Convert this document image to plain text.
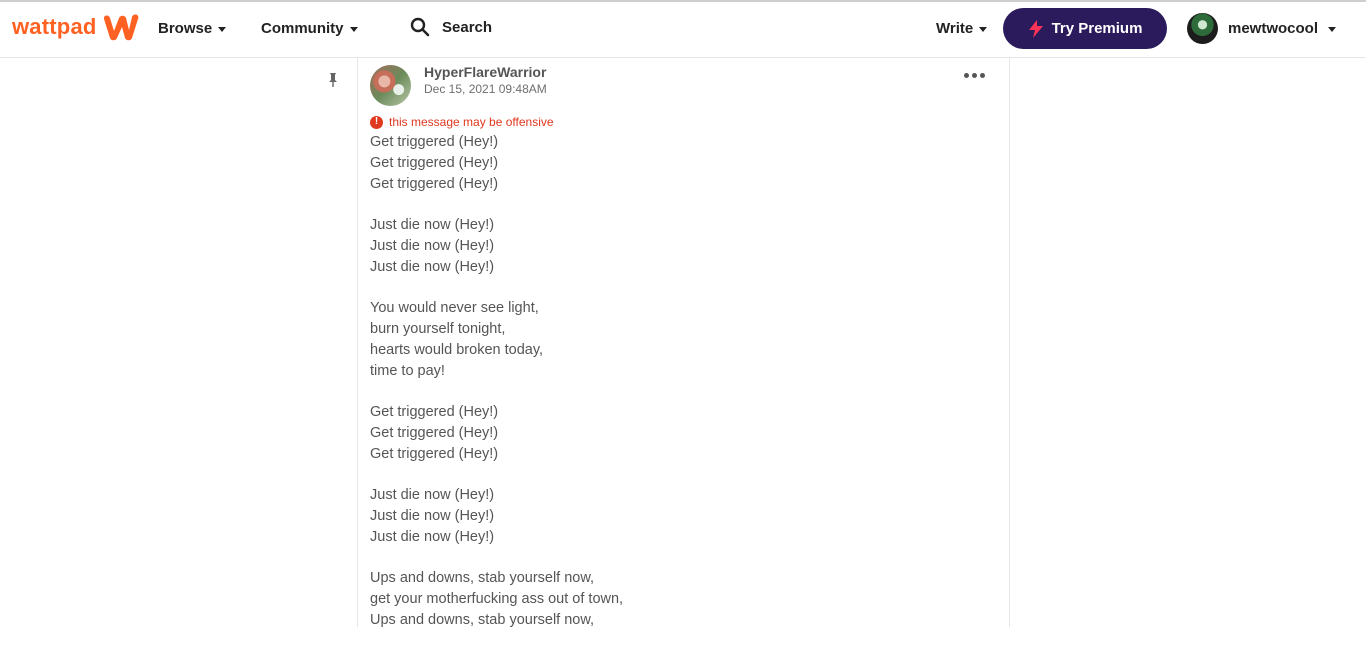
wattpad	Browse	Community	Search	Write	Try Premium	mewtwocool
HyperFlareWarrior
Dec 15, 2021 09:48AM
! this message may be offensive
Get triggered (Hey!)
Get triggered (Hey!)
Get triggered (Hey!)
Just die now (Hey!)
Just die now (Hey!)
Just die now (Hey!)
You would never see light,
burn yourself tonight,
hearts would broken today,
time to pay!
Get triggered (Hey!)
Get triggered (Hey!)
Get triggered (Hey!)
Just die now (Hey!)
Just die now (Hey!)
Just die now (Hey!)
Ups and downs, stab yourself now,
get your motherfucking ass out of town,
Ups and downs, stab yourself now,
